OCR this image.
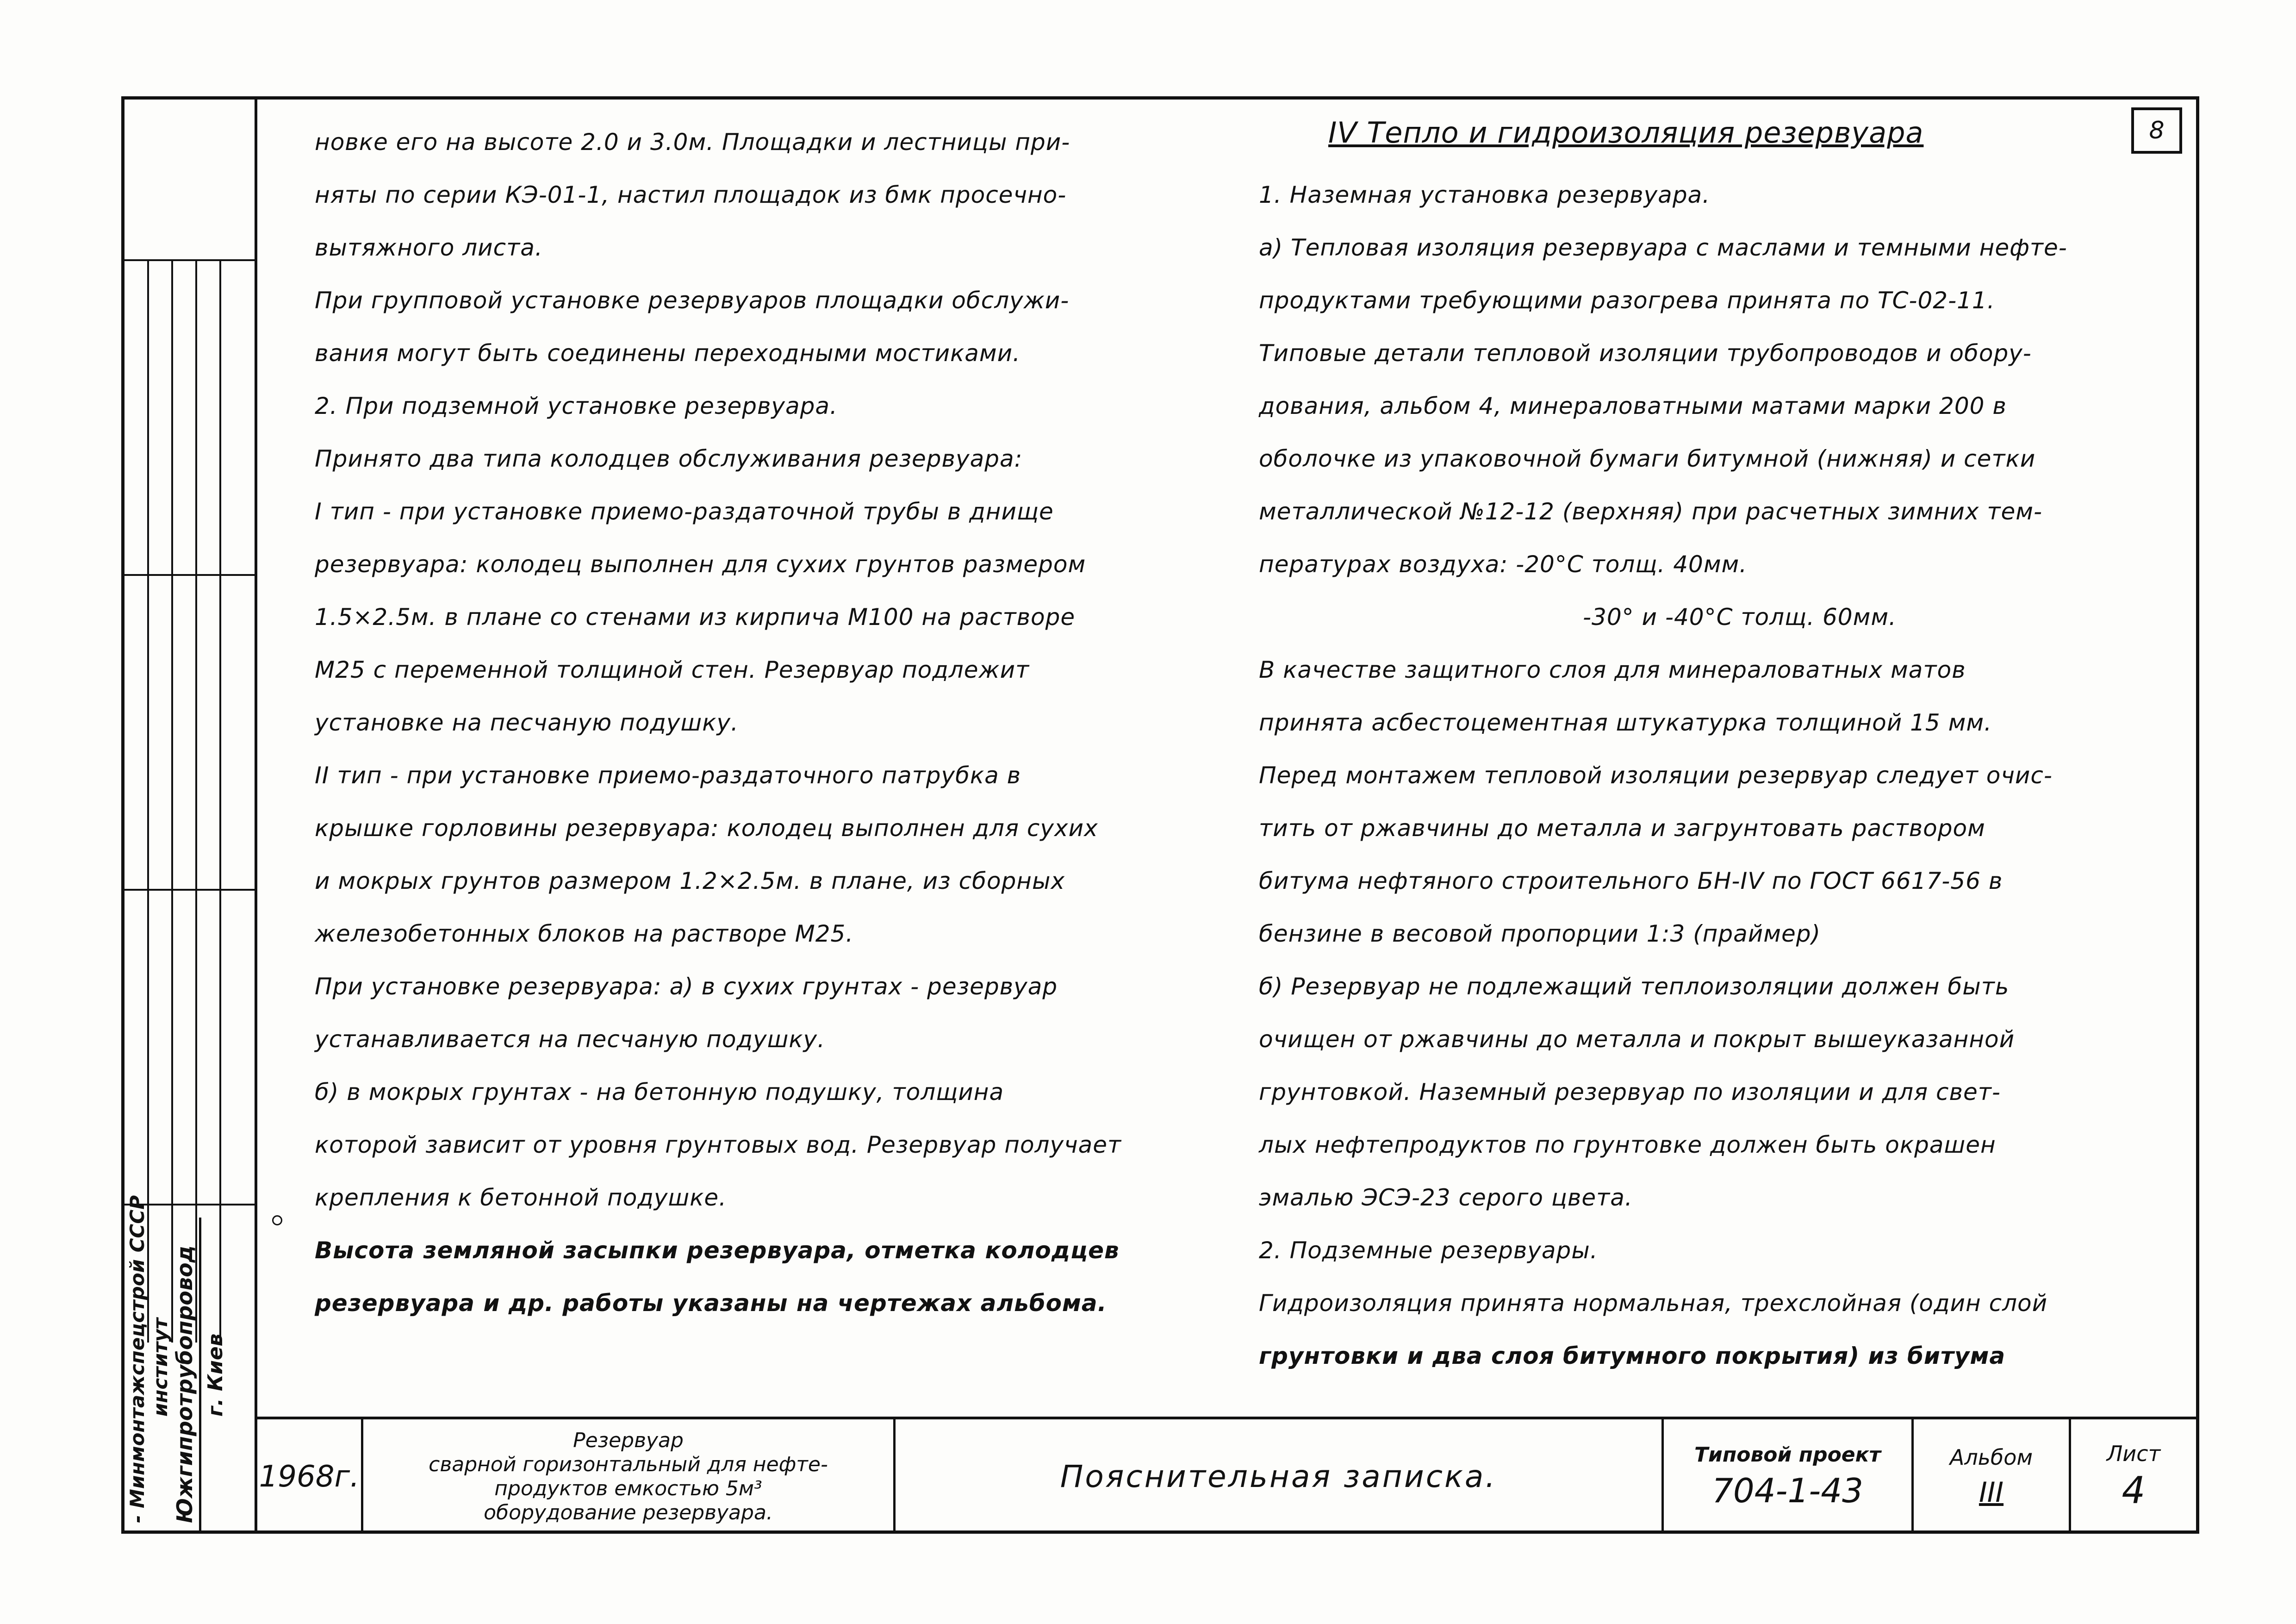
- Минмонтажспецстрой СССР институт Южгипротрубопровод г. Киев
8

новке его на высоте 2.0 и 3.0м. Площадки и лестницы при-

няты по серии КЭ-01-1, настил площадок из бмк просечно-

вытяжного листа.

При групповой установке резервуаров площадки обслужи-

вания могут быть соединены переходными мостиками.

2. При подземной установке резервуара.

Принято два типа колодцев обслуживания резервуара:

I тип - при установке приемо-раздаточной трубы в днище

резервуара: колодец выполнен для сухих грунтов размером

1.5×2.5м. в плане со стенами из кирпича М100 на растворе

М25 с переменной толщиной стен. Резервуар подлежит

установке на песчаную подушку.

II тип - при установке приемо-раздаточного патрубка в

крышке горловины резервуара: колодец выполнен для сухих

и мокрых грунтов размером 1.2×2.5м. в плане, из сборных

железобетонных блоков на растворе М25.

При установке резервуара: а) в сухих грунтах - резервуар

устанавливается на песчаную подушку.

б) в мокрых грунтах - на бетонную подушку, толщина

которой зависит от уровня грунтовых вод. Резервуар получает

крепления к бетонной подушке.

Высота земляной засыпки резервуара, отметка колодцев

резервуара и др. работы указаны на чертежах альбома.

IV Тепло и гидроизоляция резервуара

1. Наземная установка резервуара.

а) Тепловая изоляция резервуара с маслами и темными нефте-

продуктами требующими разогрева принята по ТС-02-11.

Типовые детали тепловой изоляции трубопроводов и обору-

дования, альбом 4, минераловатными матами марки 200 в

оболочке из упаковочной бумаги битумной (нижняя) и сетки

металлической №12-12 (верхняя) при расчетных зимних тем-

пературах воздуха: -20°С толщ. 40мм.

-30° и -40°С толщ. 60мм.

В качестве защитного слоя для минераловатных матов

принята асбестоцементная штукатурка толщиной 15 мм.

Перед монтажем тепловой изоляции резервуар следует очис-

тить от ржавчины до металла и загрунтовать раствором

битума нефтяного строительного БН-IV по ГОСТ 6617-56 в

бензине в весовой пропорции 1:3 (праймер)

б) Резервуар не подлежащий теплоизоляции должен быть

очищен от ржавчины до металла и покрыт вышеуказанной

грунтовкой. Наземный резервуар по изоляции и для свет-

лых нефтепродуктов по грунтовке должен быть окрашен

эмалью ЭСЭ-23 серого цвета.

2. Подземные резервуары.

Гидроизоляция принята нормальная, трехслойная (один слой

грунтовки и два слоя битумного покрытия) из битума

1968г.
Резервуар
сварной горизонтальный для нефте-
продуктов емкостью 5м³
оборудование резервуара.
Пояснительная записка.
Типовой проект
704-1-43
Альбом
III
Лист
4
